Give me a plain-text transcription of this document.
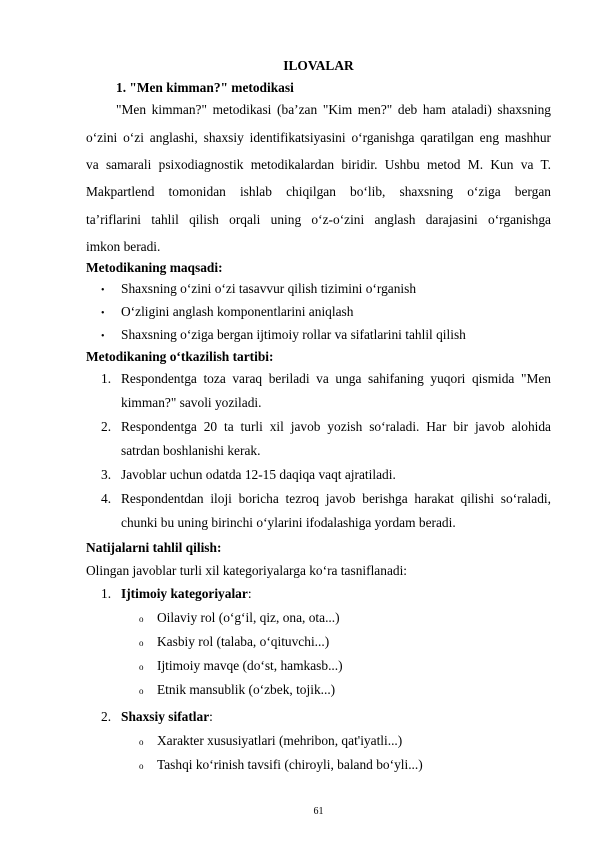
ILOVALAR
1. "Men kimman?" metodikasi
"Men kimman?" metodikasi (ba’zan "Kim men?" deb ham ataladi) shaxsning
o‘zini o‘zi anglashi, shaxsiy identifikatsiyasini o‘rganishga qaratilgan eng mashhur
va samarali psixodiagnostik metodikalardan biridir. Ushbu metod M. Kun va T.
Makpartlend tomonidan ishlab chiqilgan bo‘lib, shaxsning o‘ziga bergan
ta’riflarini tahlil qilish orqali uning o‘z-o‘zini anglash darajasini o‘rganishga
imkon beradi.
Metodikaning maqsadi:
• Shaxsning o‘zini o‘zi tasavvur qilish tizimini o‘rganish
• O‘zligini anglash komponentlarini aniqlash
• Shaxsning o‘ziga bergan ijtimoiy rollar va sifatlarini tahlil qilish
Metodikaning o‘tkazilish tartibi:
1. Respondentga toza varaq beriladi va unga sahifaning yuqori qismida "Men
kimman?" savoli yoziladi.
2. Respondentga 20 ta turli xil javob yozish so‘raladi. Har bir javob alohida
satrdan boshlanishi kerak.
3. Javoblar uchun odatda 12-15 daqiqa vaqt ajratiladi.
4. Respondentdan iloji boricha tezroq javob berishga harakat qilishi so‘raladi,
chunki bu uning birinchi o‘ylarini ifodalashiga yordam beradi.
Natijalarni tahlil qilish:
Olingan javoblar turli xil kategoriyalarga ko‘ra tasniflanadi:
1. Ijtimoiy kategoriyalar:
o Oilaviy rol (o‘g‘il, qiz, ona, ota...)
o Kasbiy rol (talaba, o‘qituvchi...)
o Ijtimoiy mavqe (do‘st, hamkasb...)
o Etnik mansublik (o‘zbek, tojik...)
2. Shaxsiy sifatlar:
o Xarakter xususiyatlari (mehribon, qat'iyatli...)
o Tashqi ko‘rinish tavsifi (chiroyli, baland bo‘yli...)
61
